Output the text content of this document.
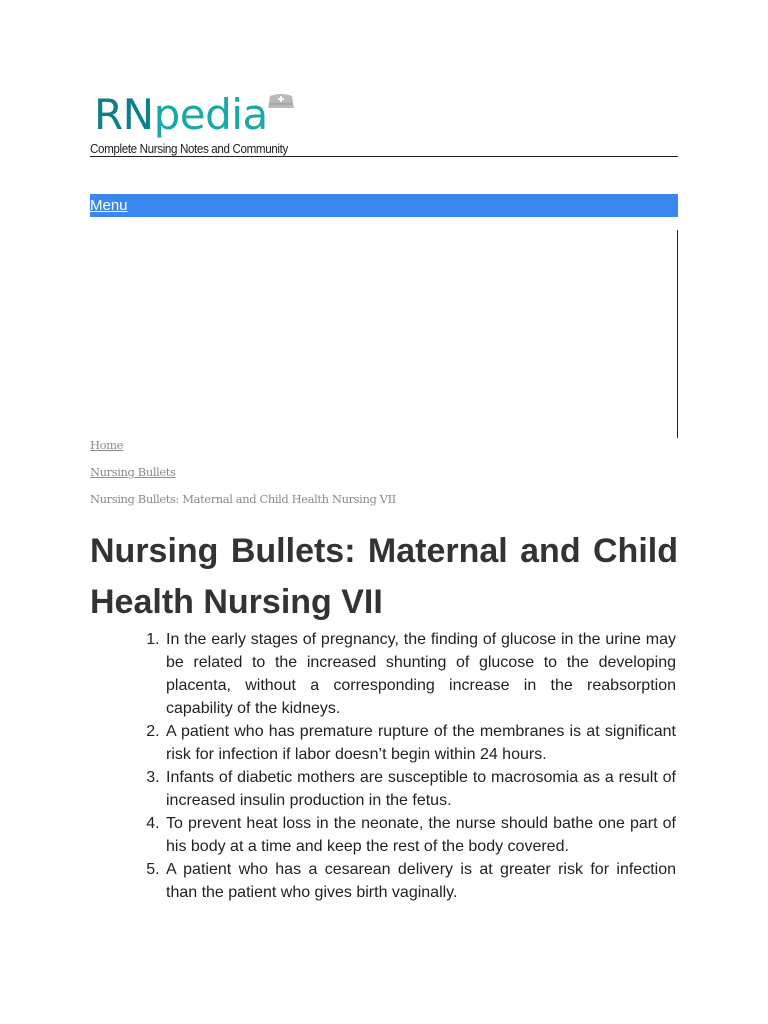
RNpedia
Complete Nursing Notes and Community
Menu
Home
Nursing Bullets
Nursing Bullets: Maternal and Child Health Nursing VII
Nursing Bullets: Maternal and Child Health Nursing VII
1. In the early stages of pregnancy, the finding of glucose in the urine may be related to the increased shunting of glucose to the developing placenta, without a corresponding increase in the reabsorption capability of the kidneys.
2. A patient who has premature rupture of the membranes is at significant risk for infection if labor doesn’t begin within 24 hours.
3. Infants of diabetic mothers are susceptible to macrosomia as a result of increased insulin production in the fetus.
4. To prevent heat loss in the neonate, the nurse should bathe one part of his body at a time and keep the rest of the body covered.
5. A patient who has a cesarean delivery is at greater risk for infection than the patient who gives birth vaginally.
